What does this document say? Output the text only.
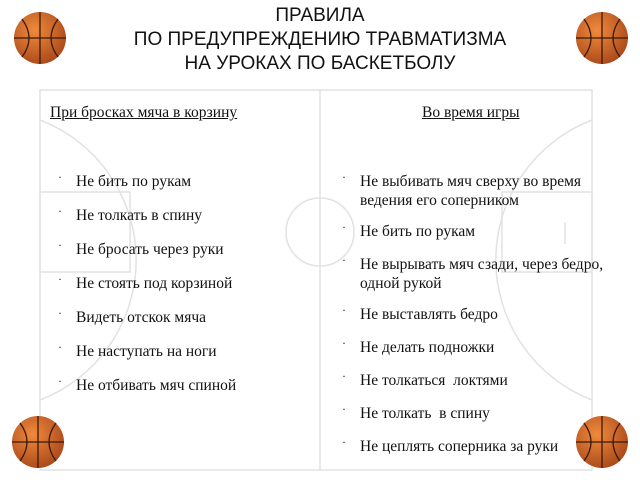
ПРАВИЛА
ПО ПРЕДУПРЕЖДЕНИЮ ТРАВМАТИЗМА
НА УРОКАХ ПО БАСКЕТБОЛУ
При бросках мяча в корзину	Во время игры
· Не бить по рукам
· Не толкать в спину
· Не бросать через руки
· Не стоять под корзиной
· Видеть отскок мяча
· Не наступать на ноги
· Не отбивать мяч спиной
· Не выбивать мяч сверху во время ведения его соперником
· Не бить по рукам
· Не вырывать мяч сзади, через бедро, одной рукой
· Не выставлять бедро
· Не делать подножки
· Не толкаться  локтями
· Не толкать  в спину
· Не цеплять соперника за руки
